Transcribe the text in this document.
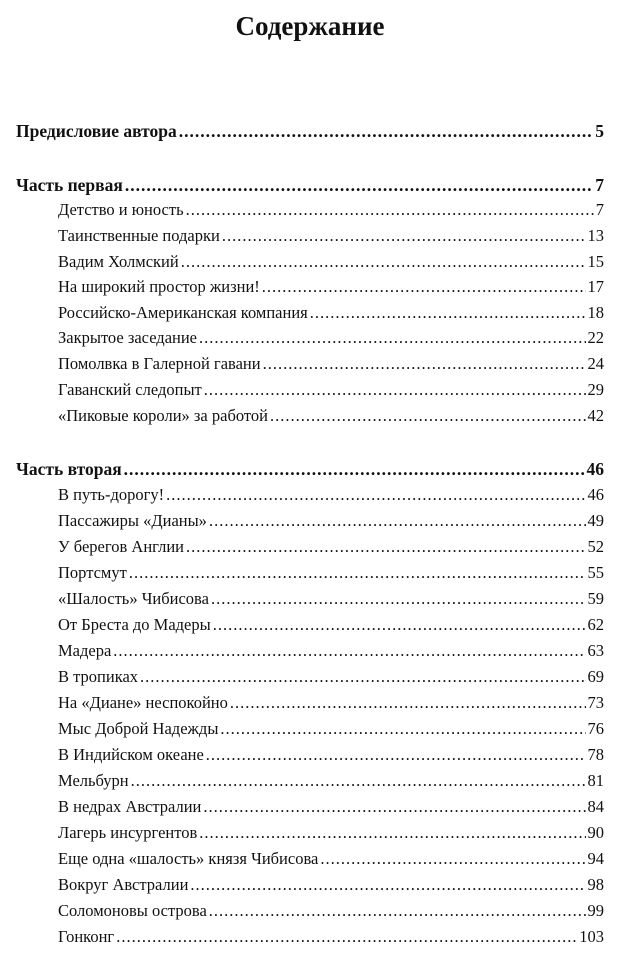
Содержание
Предисловие автора .....	5
Часть первая .....	7
Детство и юность .....	7
Таинственные подарки .....	13
Вадим Холмский .....	15
На широкий простор жизни! .....	17
Российско-Американская компания .....	18
Закрытое заседание .....	22
Помолвка в Галерной гавани .....	24
Гаванский следопыт .....	29
«Пиковые короли» за работой .....	42
Часть вторая .....	46
В путь-дорогу! .....	46
Пассажиры «Дианы» .....	49
У берегов Англии .....	52
Портсмут .....	55
«Шалость» Чибисова .....	59
От Бреста до Мадеры .....	62
Мадера .....	63
В тропиках .....	69
На «Диане» неспокойно .....	73
Мыс Доброй Надежды .....	76
В Индийском океане .....	78
Мельбурн .....	81
В недрах Австралии .....	84
Лагерь инсургентов .....	90
Еще одна «шалость» князя Чибисова .....	94
Вокруг Австралии .....	98
Соломоновы острова .....	99
Гонконг .....	103
